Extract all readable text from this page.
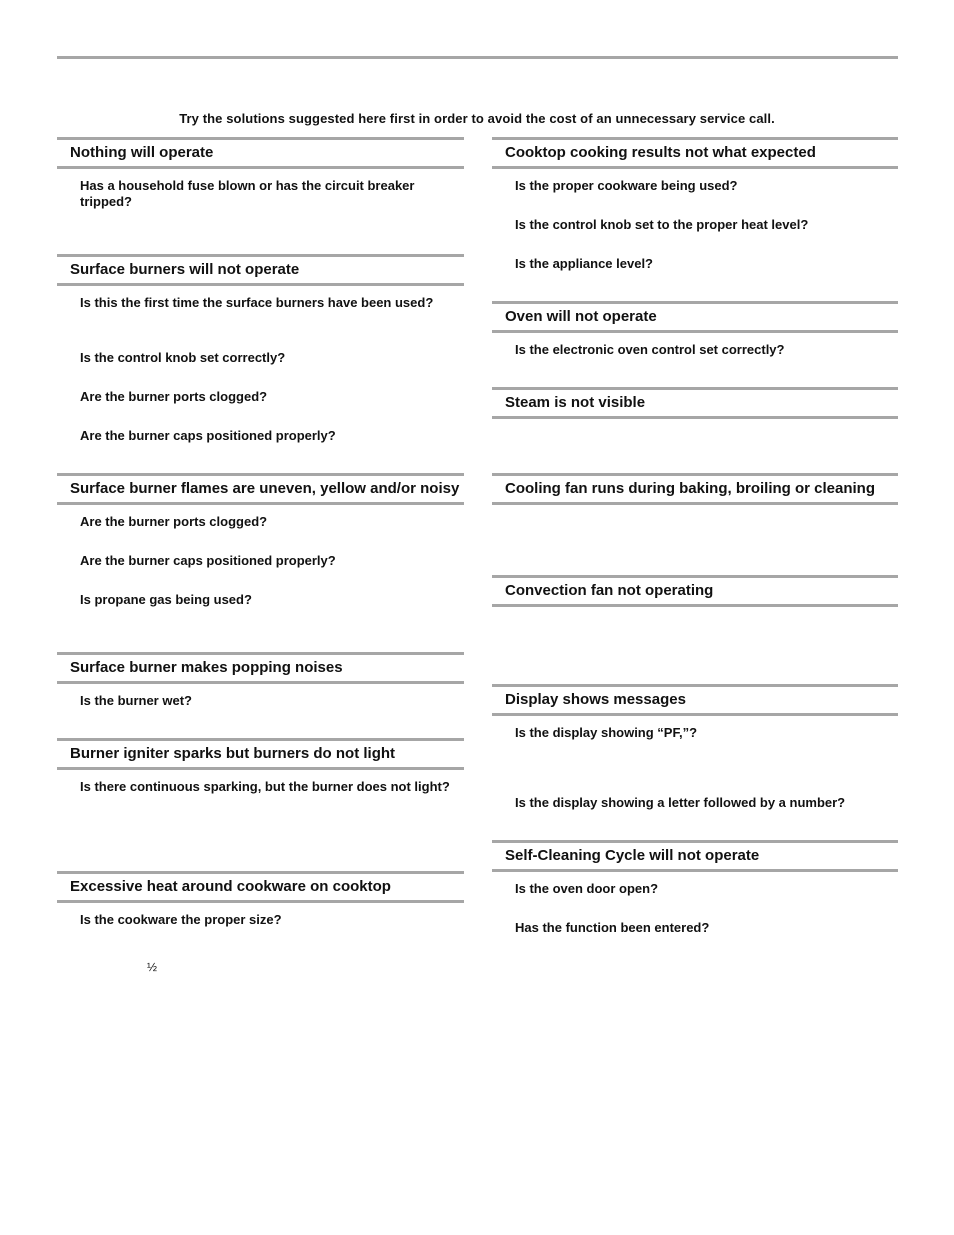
Try the solutions suggested here first in order to avoid the cost of an unnecessary service call.
Nothing will operate
Has a household fuse blown or has the circuit breaker tripped?
Surface burners will not operate
Is this the first time the surface burners have been used?
Is the control knob set correctly?
Are the burner ports clogged?
Are the burner caps positioned properly?
Surface burner flames are uneven, yellow and/or noisy
Are the burner ports clogged?
Are the burner caps positioned properly?
Is propane gas being used?
Surface burner makes popping noises
Is the burner wet?
Burner igniter sparks but burners do not light
Is there continuous sparking, but the burner does not light?
Excessive heat around cookware on cooktop
Is the cookware the proper size?
½
Cooktop cooking results not what expected
Is the proper cookware being used?
Is the control knob set to the proper heat level?
Is the appliance level?
Oven will not operate
Is the electronic oven control set correctly?
Steam is not visible
Cooling fan runs during baking, broiling or cleaning
Convection fan not operating
Display shows messages
Is the display showing “PF,”?
Is the display showing a letter followed by a number?
Self-Cleaning Cycle will not operate
Is the oven door open?
Has the function been entered?
